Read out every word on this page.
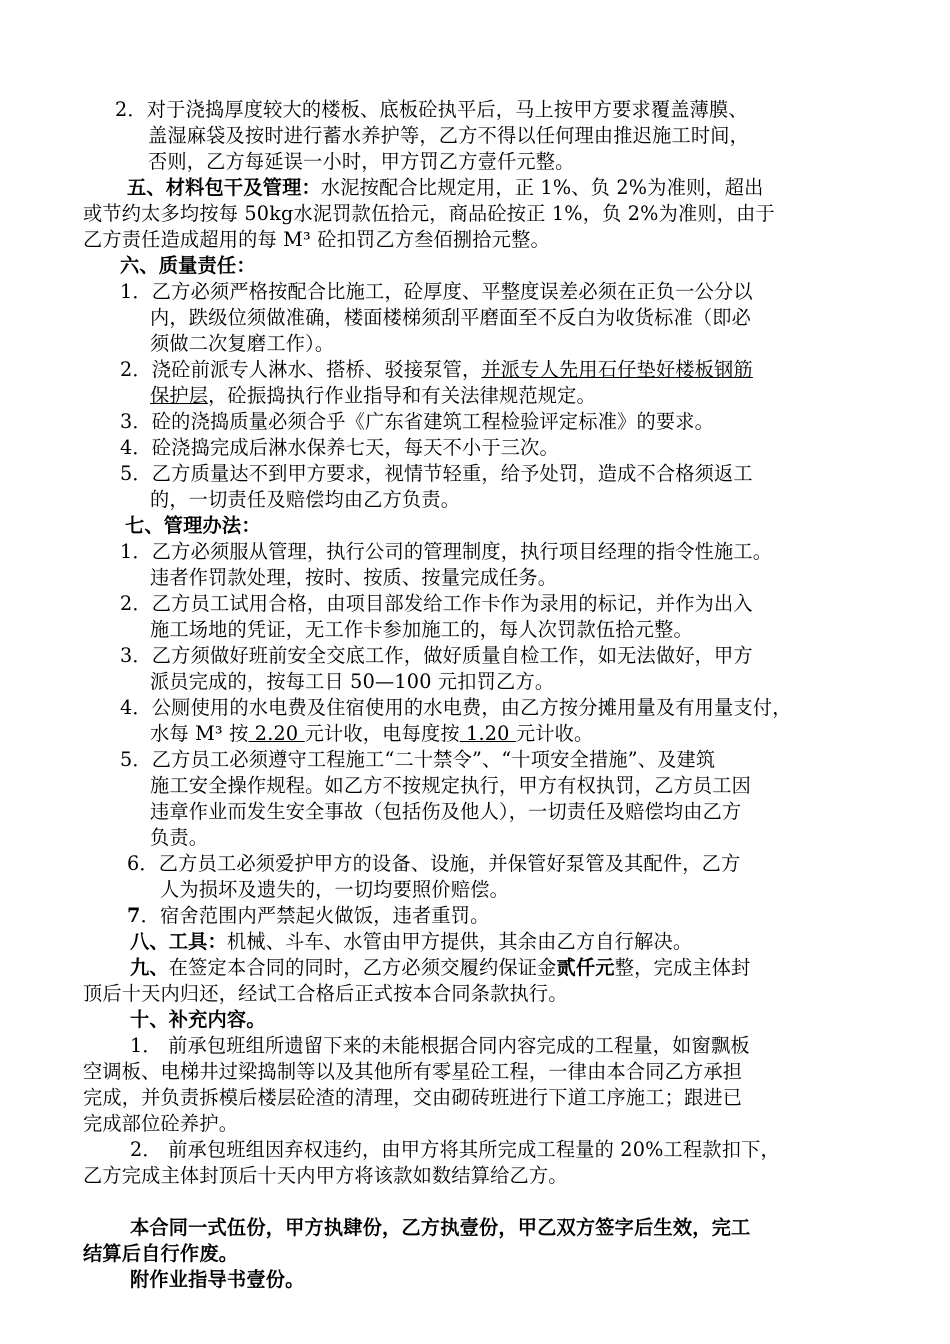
2．对于浇捣厚度较大的楼板、底板砼执平后，马上按甲方要求覆盖薄膜、
盖湿麻袋及按时进行蓄水养护等，乙方不得以任何理由推迟施工时间，
否则，乙方每延误一小时，甲方罚乙方壹仟元整。
五、材料包干及管理：水泥按配合比规定用，正 1%、负 2%为准则，超出
或节约太多均按每 50kg水泥罚款伍拾元，商品砼按正 1%，负 2%为准则，由于
乙方责任造成超用的每 M³ 砼扣罚乙方叁佰捌拾元整。
六、质量责任：
1．乙方必须严格按配合比施工，砼厚度、平整度误差必须在正负一公分以
内，跌级位须做准确，楼面楼梯须刮平磨面至不反白为收货标准（即必
须做二次复磨工作）。
2．浇砼前派专人淋水、搭桥、驳接泵管，并派专人先用石仔垫好楼板钢筋
保护层，砼振捣执行作业指导和有关法律规范规定。
3．砼的浇捣质量必须合乎《广东省建筑工程检验评定标准》的要求。
4．砼浇捣完成后淋水保养七天，每天不小于三次。
5．乙方质量达不到甲方要求，视情节轻重，给予处罚，造成不合格须返工
的，一切责任及赔偿均由乙方负责。
七、管理办法：
1．乙方必须服从管理，执行公司的管理制度，执行项目经理的指令性施工。
违者作罚款处理，按时、按质、按量完成任务。
2．乙方员工试用合格，由项目部发给工作卡作为录用的标记，并作为出入
施工场地的凭证，无工作卡参加施工的，每人次罚款伍拾元整。
3．乙方须做好班前安全交底工作，做好质量自检工作，如无法做好，甲方
派员完成的，按每工日 50—100 元扣罚乙方。
4．公厕使用的水电费及住宿使用的水电费，由乙方按分摊用量及有用量支付，
水每 M³ 按 2.20 元计收，电每度按 1.20 元计收。
5．乙方员工必须遵守工程施工“二十禁令”、“十项安全措施”、及建筑
施工安全操作规程。如乙方不按规定执行，甲方有权执罚，乙方员工因
违章作业而发生安全事故（包括伤及他人），一切责任及赔偿均由乙方
负责。
6．乙方员工必须爱护甲方的设备、设施，并保管好泵管及其配件，乙方
人为损坏及遗失的，一切均要照价赔偿。
7．宿舍范围内严禁起火做饭，违者重罚。
八、工具：机械、斗车、水管由甲方提供，其余由乙方自行解决。
九、在签定本合同的同时，乙方必须交履约保证金贰仟元整，完成主体封
顶后十天内归还，经试工合格后正式按本合同条款执行。
十、补充内容。
1． 前承包班组所遗留下来的未能根据合同内容完成的工程量，如窗飘板
空调板、电梯井过梁捣制等以及其他所有零星砼工程，一律由本合同乙方承担
完成，并负责拆模后楼层砼渣的清理，交由砌砖班进行下道工序施工；跟进已
完成部位砼养护。
2． 前承包班组因弃权违约，由甲方将其所完成工程量的 20%工程款扣下，
乙方完成主体封顶后十天内甲方将该款如数结算给乙方。
本合同一式伍份，甲方执肆份，乙方执壹份，甲乙双方签字后生效，完工
结算后自行作废。
附作业指导书壹份。
